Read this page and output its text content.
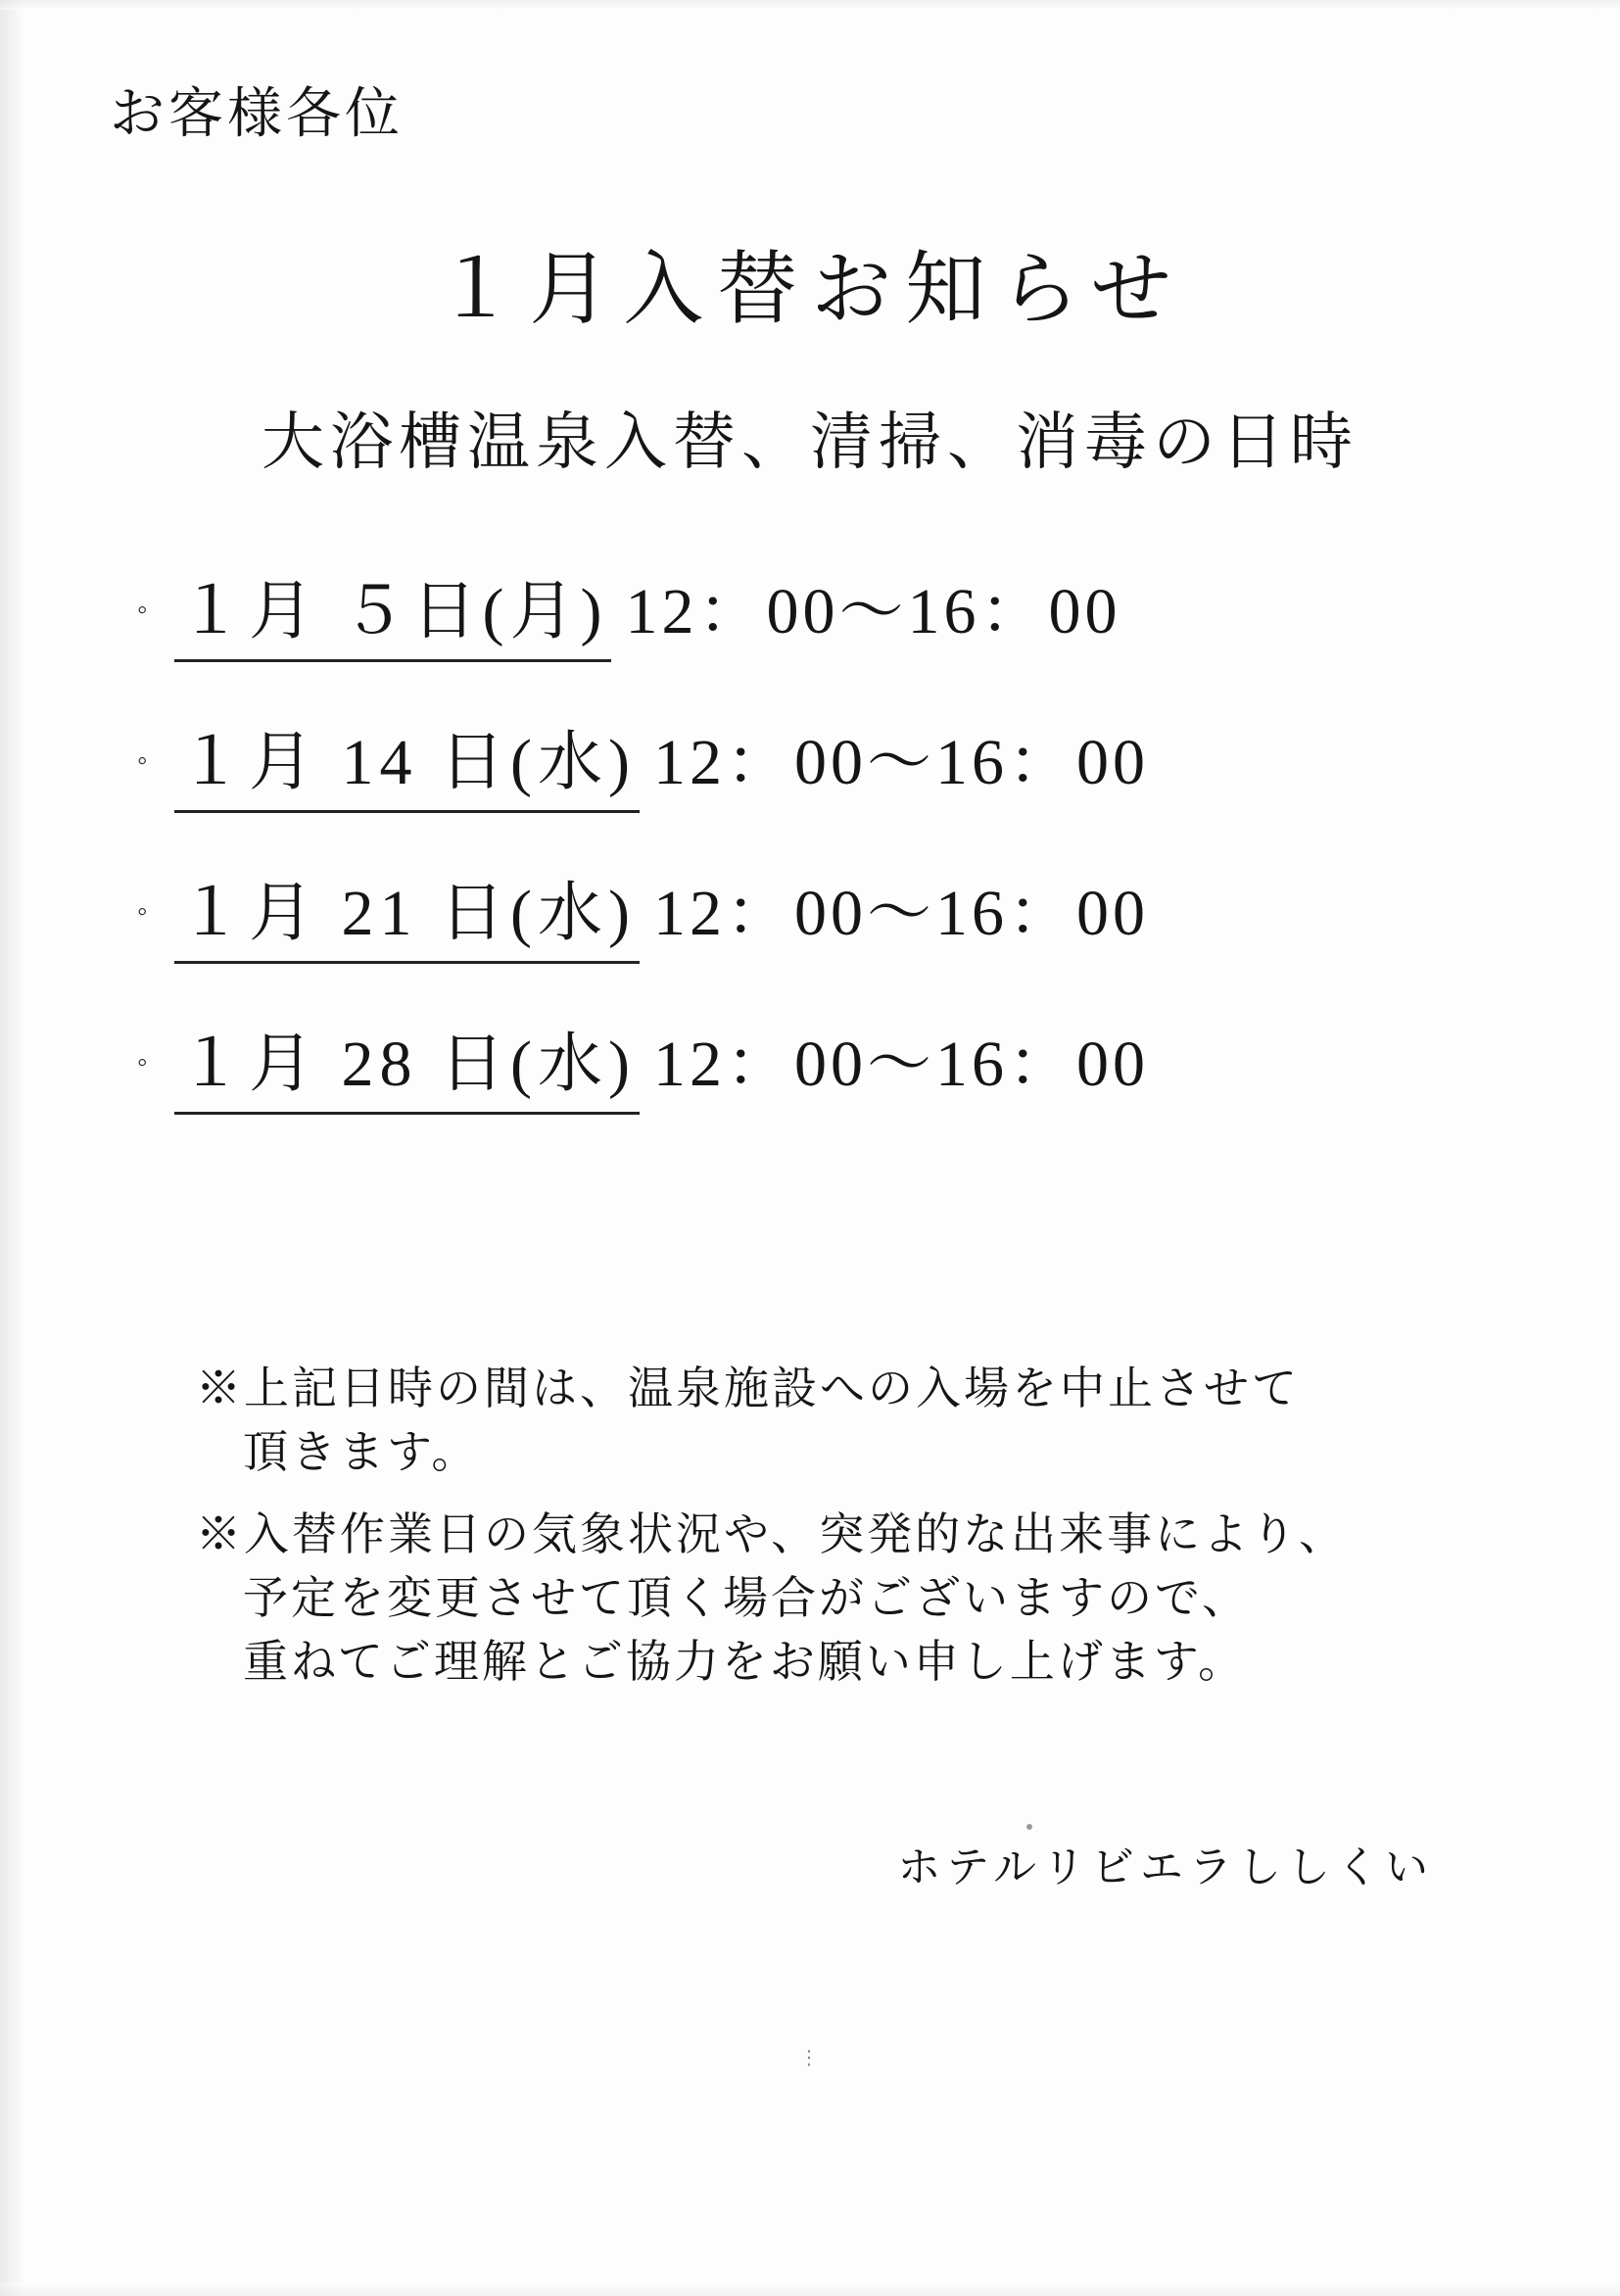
お客様各位
１月入替お知らせ
大浴槽温泉入替、清掃、消毒の日時
◦ １月 ５日(月) 12：00〜16：00
◦ １月 14 日(水) 12：00〜16：00
◦ １月 21 日(水) 12：00〜16：00
◦ １月 28 日(水) 12：00〜16：00
※上記日時の間は、温泉施設への入場を中止させて
頂きます。
※入替作業日の気象状況や、突発的な出来事により、
予定を変更させて頂く場合がございますので、
重ねてご理解とご協力をお願い申し上げます。
ホテルリビエラししくい
⋮
